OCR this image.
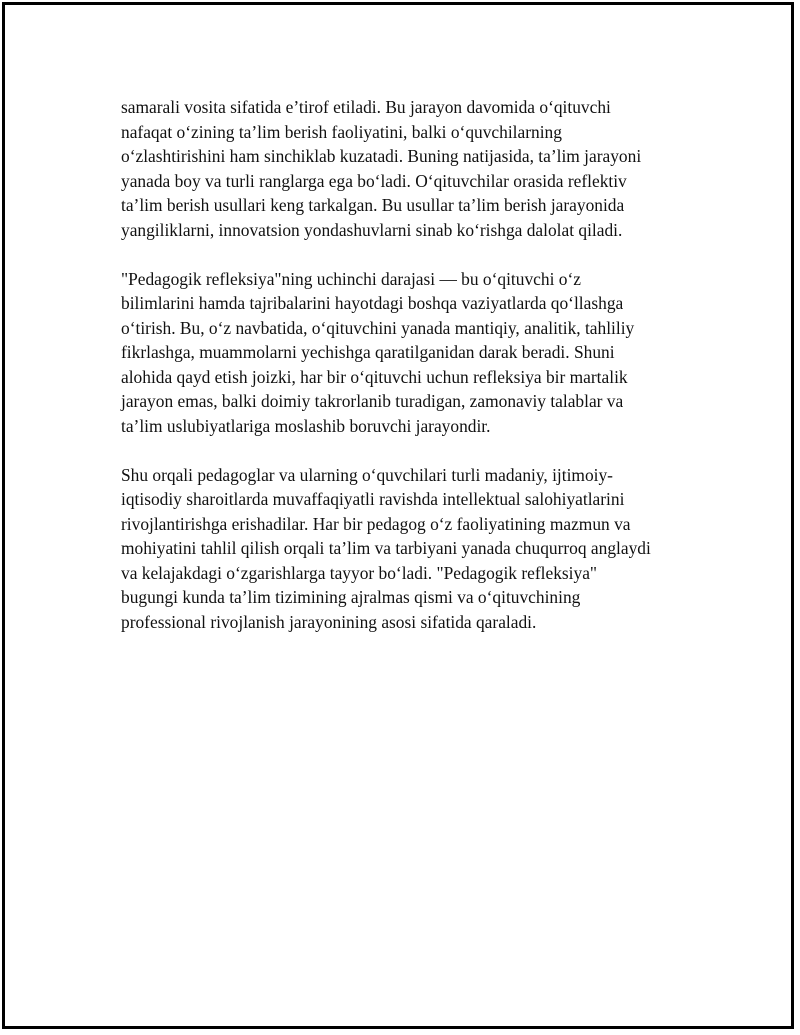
samarali vosita sifatida e’tirof etiladi. Bu jarayon davomida o‘qituvchi
nafaqat o‘zining ta’lim berish faoliyatini, balki o‘quvchilarning
o‘zlashtirishini ham sinchiklab kuzatadi. Buning natijasida, ta’lim jarayoni
yanada boy va turli ranglarga ega bo‘ladi. O‘qituvchilar orasida reflektiv
ta’lim berish usullari keng tarkalgan. Bu usullar ta’lim berish jarayonida
yangiliklarni, innovatsion yondashuvlarni sinab ko‘rishga dalolat qiladi.

"Pedagogik refleksiya"ning uchinchi darajasi — bu o‘qituvchi o‘z
bilimlarini hamda tajribalarini hayotdagi boshqa vaziyatlarda qo‘llashga
o‘tirish. Bu, o‘z navbatida, o‘qituvchini yanada mantiqiy, analitik, tahliliy
fikrlashga, muammolarni yechishga qaratilganidan darak beradi. Shuni
alohida qayd etish joizki, har bir o‘qituvchi uchun refleksiya bir martalik
jarayon emas, balki doimiy takrorlanib turadigan, zamonaviy talablar va
ta’lim uslubiyatlariga moslashib boruvchi jarayondir.

Shu orqali pedagoglar va ularning o‘quvchilari turli madaniy, ijtimoiy-
iqtisodiy sharoitlarda muvaffaqiyatli ravishda intellektual salohiyatlarini
rivojlantirishga erishadilar. Har bir pedagog o‘z faoliyatining mazmun va
mohiyatini tahlil qilish orqali ta’lim va tarbiyani yanada chuqurroq anglaydi
va kelajakdagi o‘zgarishlarga tayyor bo‘ladi. "Pedagogik refleksiya"
bugungi kunda ta’lim tizimining ajralmas qismi va o‘qituvchining
professional rivojlanish jarayonining asosi sifatida qaraladi.
